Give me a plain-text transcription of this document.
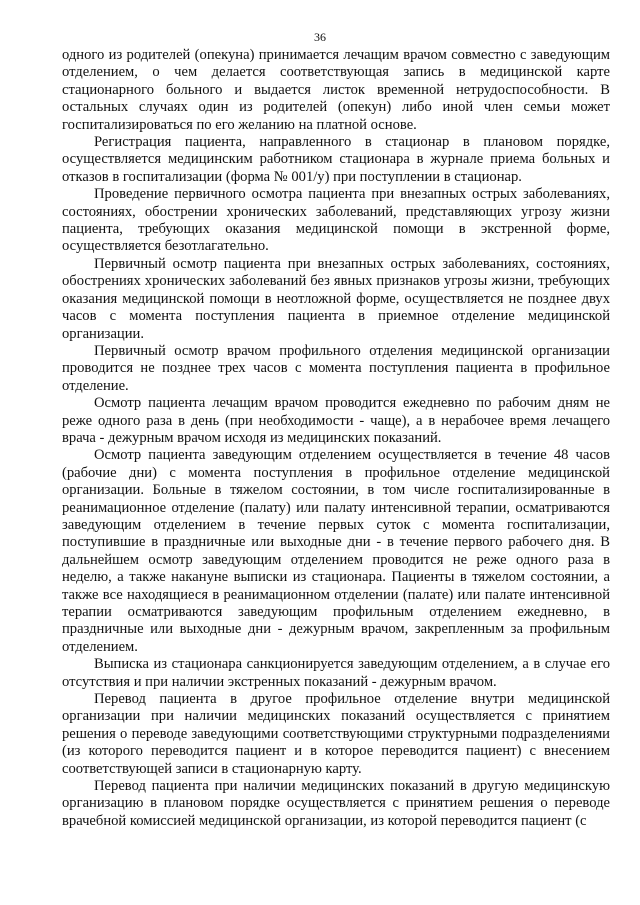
36

одного из родителей (опекуна) принимается лечащим врачом совместно с заведующим отделением, о чем делается соответствующая запись в медицинской карте стационарного больного и выдается листок временной нетрудоспособности. В остальных случаях один из родителей (опекун) либо иной член семьи может госпитализироваться по его желанию на платной основе.

Регистрация пациента, направленного в стационар в плановом порядке, осуществляется медицинским работником стационара в журнале приема больных и отказов в госпитализации (форма № 001/у) при поступлении в стационар.

Проведение первичного осмотра пациента при внезапных острых заболеваниях, состояниях, обострении хронических заболеваний, представляющих угрозу жизни пациента, требующих оказания медицинской помощи в экстренной форме, осуществляется безотлагательно.

Первичный осмотр пациента при внезапных острых заболеваниях, состояниях, обострениях хронических заболеваний без явных признаков угрозы жизни, требующих оказания медицинской помощи в неотложной форме, осуществляется не позднее двух часов с момента поступления пациента в приемное отделение медицинской организации.

Первичный осмотр врачом профильного отделения медицинской организации проводится не позднее трех часов с момента поступления пациента в профильное отделение.

Осмотр пациента лечащим врачом проводится ежедневно по рабочим дням не реже одного раза в день (при необходимости - чаще), а в нерабочее время лечащего врача - дежурным врачом исходя из медицинских показаний.

Осмотр пациента заведующим отделением осуществляется в течение 48 часов (рабочие дни) с момента поступления в профильное отделение медицинской организации. Больные в тяжелом состоянии, в том числе госпитализированные в реанимационное отделение (палату) или палату интенсивной терапии, осматриваются заведующим отделением в течение первых суток с момента госпитализации, поступившие в праздничные или выходные дни - в течение первого рабочего дня. В дальнейшем осмотр заведующим отделением проводится не реже одного раза в неделю, а также накануне выписки из стационара. Пациенты в тяжелом состоянии, а также все находящиеся в реанимационном отделении (палате) или палате интенсивной терапии осматриваются заведующим профильным отделением ежедневно, в праздничные или выходные дни - дежурным врачом, закрепленным за профильным отделением.

Выписка из стационара санкционируется заведующим отделением, а в случае его отсутствия и при наличии экстренных показаний - дежурным врачом.

Перевод пациента в другое профильное отделение внутри медицинской организации при наличии медицинских показаний осуществляется с принятием решения о переводе заведующими соответствующими структурными подразделениями (из которого переводится пациент и в которое переводится пациент) с внесением соответствующей записи в стационарную карту.

Перевод пациента при наличии медицинских показаний в другую медицинскую организацию в плановом порядке осуществляется с принятием решения о переводе врачебной комиссией медицинской организации, из которой переводится пациент (с
